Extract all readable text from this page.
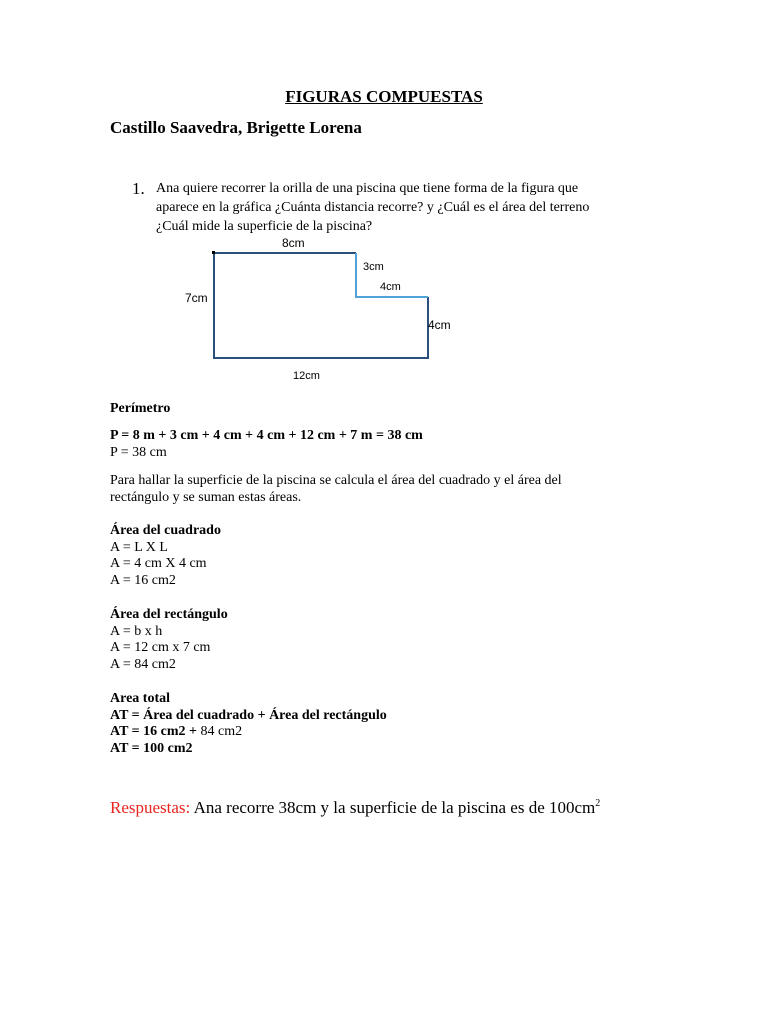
FIGURAS COMPUESTAS
Castillo Saavedra, Brigette Lorena
1. Ana quiere recorrer la orilla de una piscina que tiene forma de la figura que
aparece en la gráfica ¿Cuánta distancia recorre? y ¿Cuál es el área del terreno
¿Cuál mide la superficie de la piscina?
8cm
3cm
4cm
4cm
7cm
12cm
Perímetro
P = 8 m + 3 cm + 4 cm + 4 cm + 12 cm + 7 m = 38 cm
P = 38 cm
Para hallar la superficie de la piscina se calcula el área del cuadrado y el área del
rectángulo y se suman estas áreas.
Área del cuadrado
A = L X L
A = 4 cm X 4 cm
A = 16 cm2
Área del rectángulo
A = b x h
A = 12 cm x 7 cm
A = 84 cm2
Area total
AT = Área del cuadrado + Área del rectángulo
AT = 16 cm2 + 84 cm2
AT = 100 cm2
Respuestas: Ana recorre 38cm y la superficie de la piscina es de $100cm^2$
